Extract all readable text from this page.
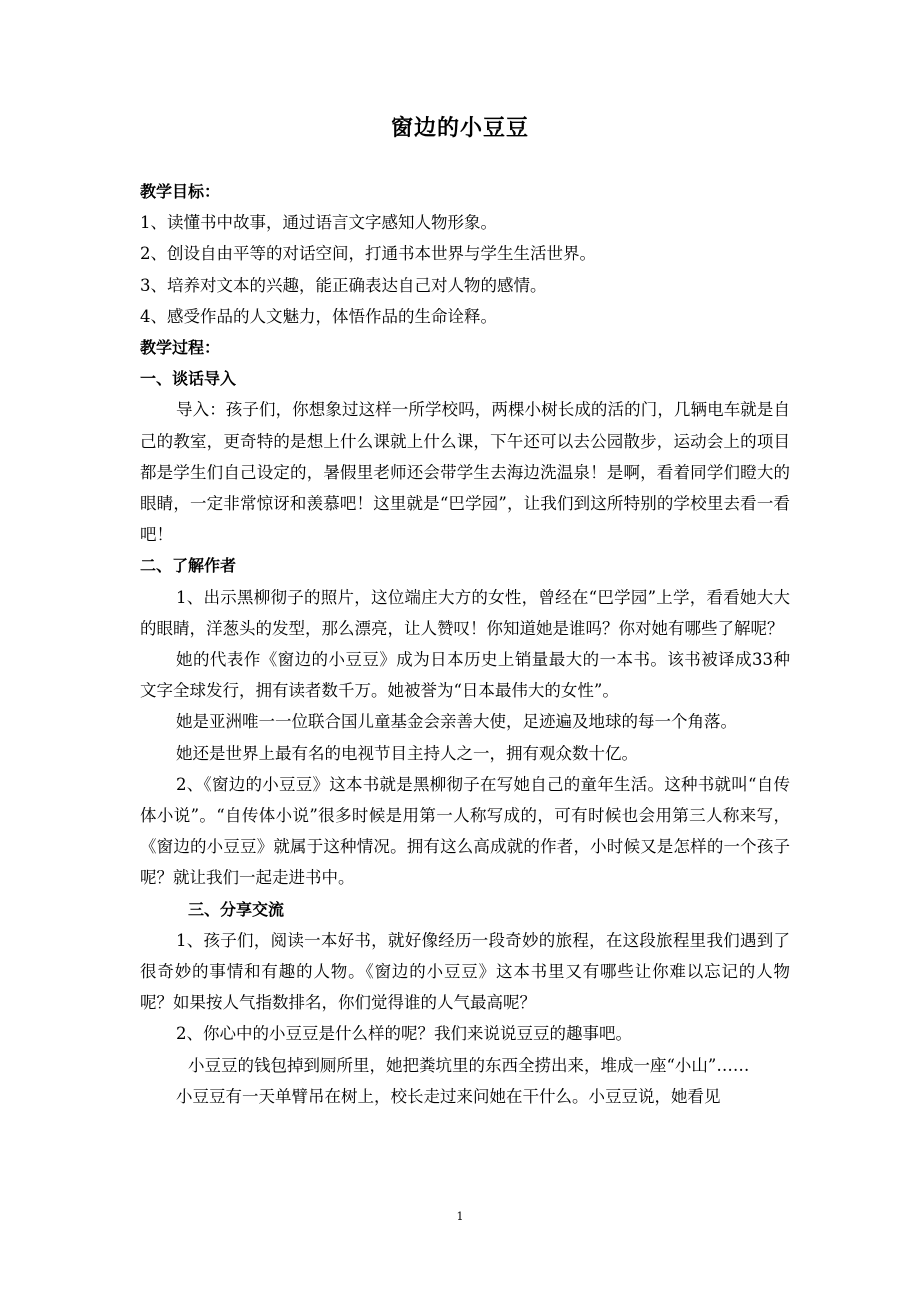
窗边的小豆豆

教学目标：

1、读懂书中故事，通过语言文字感知人物形象。

2、创设自由平等的对话空间，打通书本世界与学生生活世界。

3、培养对文本的兴趣，能正确表达自己对人物的感情。

4、感受作品的人文魅力，体悟作品的生命诠释。

教学过程：

一、谈话导入

导入：孩子们，你想象过这样一所学校吗，两棵小树长成的活的门，几辆电车就是自己的教室，更奇特的是想上什么课就上什么课，下午还可以去公园散步，运动会上的项目都是学生们自己设定的，暑假里老师还会带学生去海边洗温泉！是啊，看着同学们瞪大的眼睛，一定非常惊讶和羡慕吧！这里就是“巴学园”，让我们到这所特别的学校里去看一看吧！

二、了解作者

1、出示黑柳彻子的照片，这位端庄大方的女性，曾经在“巴学园”上学，看看她大大的眼睛，洋葱头的发型，那么漂亮，让人赞叹！你知道她是谁吗？你对她有哪些了解呢？

她的代表作《窗边的小豆豆》成为日本历史上销量最大的一本书。该书被译成33种文字全球发行，拥有读者数千万。她被誉为“日本最伟大的女性”。

她是亚洲唯一一位联合国儿童基金会亲善大使，足迹遍及地球的每一个角落。

她还是世界上最有名的电视节目主持人之一，拥有观众数十亿。

2、《窗边的小豆豆》这本书就是黑柳彻子在写她自己的童年生活。这种书就叫“自传体小说”。“自传体小说”很多时候是用第一人称写成的，可有时候也会用第三人称来写，《窗边的小豆豆》就属于这种情况。拥有这么高成就的作者，小时候又是怎样的一个孩子呢？就让我们一起走进书中。

三、分享交流

1、孩子们，阅读一本好书，就好像经历一段奇妙的旅程，在这段旅程里我们遇到了很奇妙的事情和有趣的人物。《窗边的小豆豆》这本书里又有哪些让你难以忘记的人物呢？如果按人气指数排名，你们觉得谁的人气最高呢？

2、你心中的小豆豆是什么样的呢？我们来说说豆豆的趣事吧。

小豆豆的钱包掉到厕所里，她把粪坑里的东西全捞出来，堆成一座“小山”……

小豆豆有一天单臂吊在树上，校长走过来问她在干什么。小豆豆说，她看见

1
